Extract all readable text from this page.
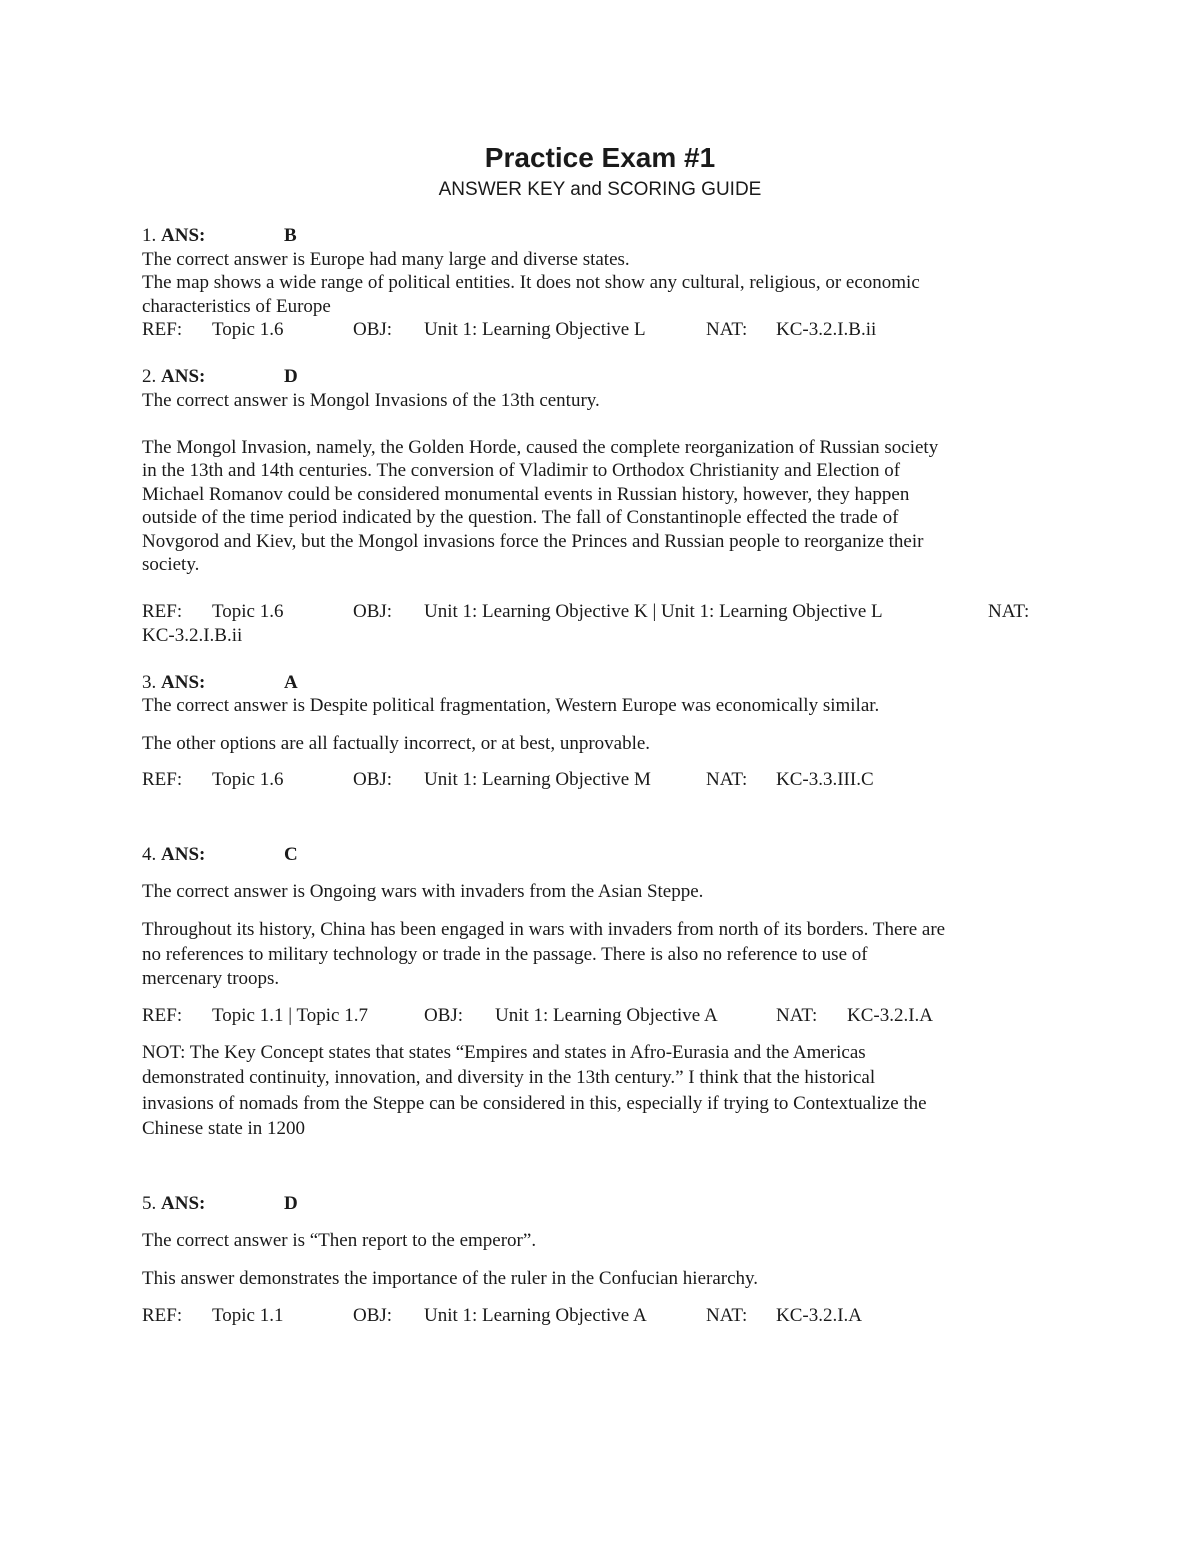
Practice Exam #1
ANSWER KEY and SCORING GUIDE
1. ANS:	B
The correct answer is Europe had many large and diverse states.
The map shows a wide range of political entities. It does not show any cultural, religious, or economic
characteristics of Europe
REF: Topic 1.6	OBJ: Unit 1: Learning Objective L	NAT: KC-3.2.I.B.ii
2. ANS:	D
The correct answer is Mongol Invasions of the 13th century.
The Mongol Invasion, namely, the Golden Horde, caused the complete reorganization of Russian society
in the 13th and 14th centuries. The conversion of Vladimir to Orthodox Christianity and Election of
Michael Romanov could be considered monumental events in Russian history, however, they happen
outside of the time period indicated by the question. The fall of Constantinople effected the trade of
Novgorod and Kiev, but the Mongol invasions force the Princes and Russian people to reorganize their
society.
REF: Topic 1.6	OBJ: Unit 1: Learning Objective K | Unit 1: Learning Objective L	NAT:
KC-3.2.I.B.ii
3. ANS:	A
The correct answer is Despite political fragmentation, Western Europe was economically similar.
The other options are all factually incorrect, or at best, unprovable.
REF: Topic 1.6	OBJ: Unit 1: Learning Objective M	NAT: KC-3.3.III.C
4. ANS:	C
The correct answer is Ongoing wars with invaders from the Asian Steppe.
Throughout its history, China has been engaged in wars with invaders from north of its borders. There are
no references to military technology or trade in the passage. There is also no reference to use of
mercenary troops.
REF: Topic 1.1 | Topic 1.7	OBJ: Unit 1: Learning Objective A	NAT: KC-3.2.I.A
NOT: The Key Concept states that states “Empires and states in Afro-Eurasia and the Americas
demonstrated continuity, innovation, and diversity in the 13th century.” I think that the historical
invasions of nomads from the Steppe can be considered in this, especially if trying to Contextualize the
Chinese state in 1200
5. ANS:	D
The correct answer is “Then report to the emperor”.
This answer demonstrates the importance of the ruler in the Confucian hierarchy.
REF: Topic 1.1	OBJ: Unit 1: Learning Objective A	NAT: KC-3.2.I.A
